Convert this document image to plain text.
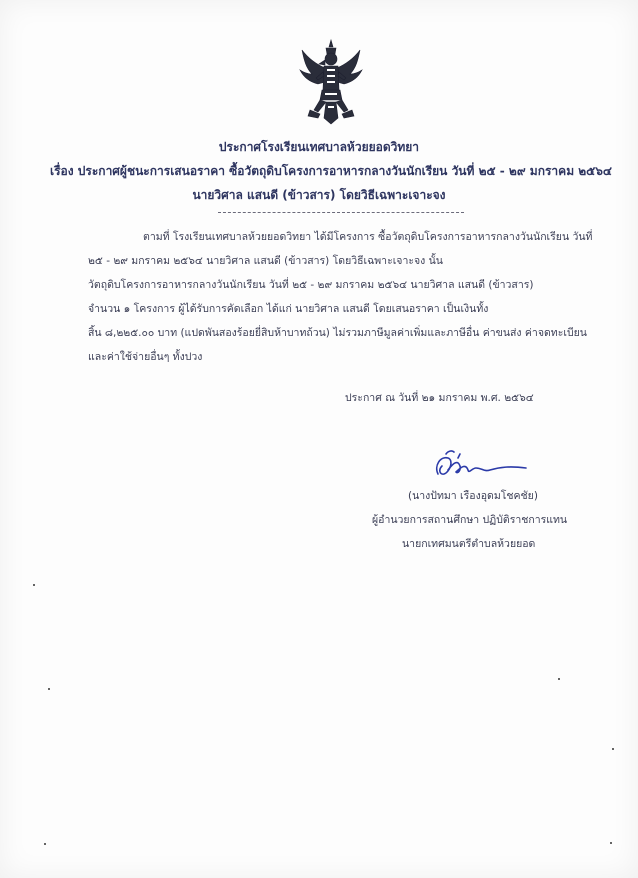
ประกาศโรงเรียนเทศบาลห้วยยอดวิทยา
เรื่อง ประกาศผู้ชนะการเสนอราคา ซื้อวัตถุดิบโครงการอาหารกลางวันนักเรียน วันที่ ๒๕ - ๒๙ มกราคม ๒๕๖๔
นายวิศาล แสนดี (ข้าวสาร) โดยวิธีเฉพาะเจาะจง
ตามที่ โรงเรียนเทศบาลห้วยยอดวิทยา ได้มีโครงการ ซื้อวัตถุดิบโครงการอาหารกลางวันนักเรียน วันที่
๒๕ - ๒๙ มกราคม ๒๕๖๔ นายวิศาล แสนดี (ข้าวสาร) โดยวิธีเฉพาะเจาะจง นั้น
วัตถุดิบโครงการอาหารกลางวันนักเรียน วันที่ ๒๕ - ๒๙ มกราคม ๒๕๖๔ นายวิศาล แสนดี (ข้าวสาร)
จำนวน ๑ โครงการ ผู้ได้รับการคัดเลือก ได้แก่ นายวิศาล แสนดี โดยเสนอราคา เป็นเงินทั้ง
สิ้น ๘,๒๒๕.๐๐ บาท (แปดพันสองร้อยยี่สิบห้าบาทถ้วน) ไม่รวมภาษีมูลค่าเพิ่มและภาษีอื่น ค่าขนส่ง ค่าจดทะเบียน
และค่าใช้จ่ายอื่นๆ ทั้งปวง
ประกาศ ณ วันที่ ๒๑ มกราคม พ.ศ. ๒๕๖๔
(นางปัทมา เรืองอุดมโชคชัย)
ผู้อำนวยการสถานศึกษา ปฏิบัติราชการแทน
นายกเทศมนตรีตำบลห้วยยอด
